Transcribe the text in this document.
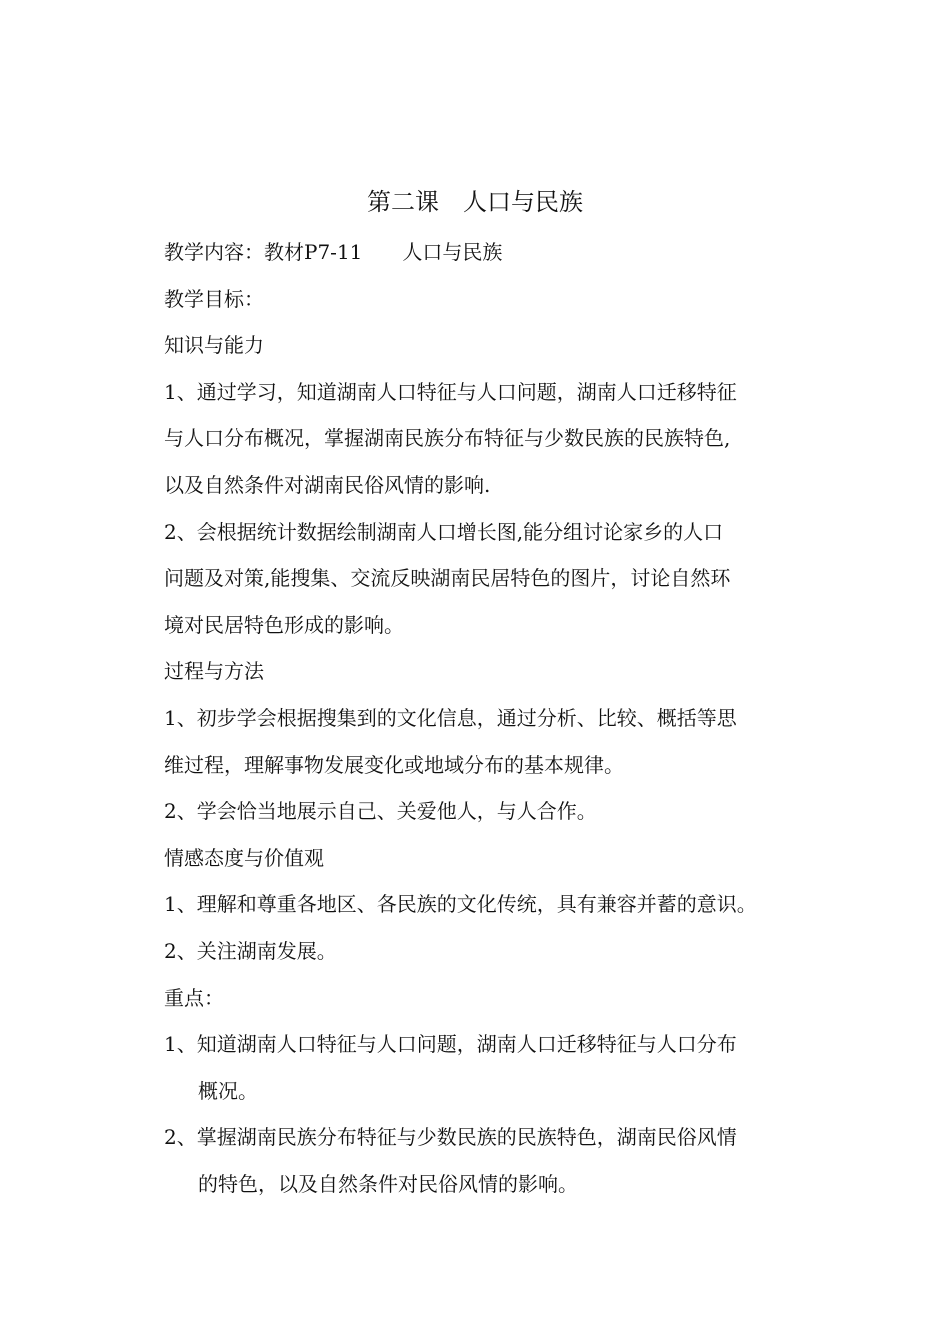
第二课　人口与民族
教学内容：教材P7-11　　人口与民族
教学目标：
知识与能力
1、通过学习，知道湖南人口特征与人口问题，湖南人口迁移特征
与人口分布概况，掌握湖南民族分布特征与少数民族的民族特色,
以及自然条件对湖南民俗风情的影响.
2、会根据统计数据绘制湖南人口增长图,能分组讨论家乡的人口
问题及对策,能搜集、交流反映湖南民居特色的图片，讨论自然环
境对民居特色形成的影响。
过程与方法
1、初步学会根据搜集到的文化信息，通过分析、比较、概括等思
维过程，理解事物发展变化或地域分布的基本规律。
2、学会恰当地展示自己、关爱他人，与人合作。
情感态度与价值观
1、理解和尊重各地区、各民族的文化传统，具有兼容并蓄的意识。
2、关注湖南发展。
重点：
1、知道湖南人口特征与人口问题，湖南人口迁移特征与人口分布
概况。
2、掌握湖南民族分布特征与少数民族的民族特色，湖南民俗风情
的特色，以及自然条件对民俗风情的影响。
